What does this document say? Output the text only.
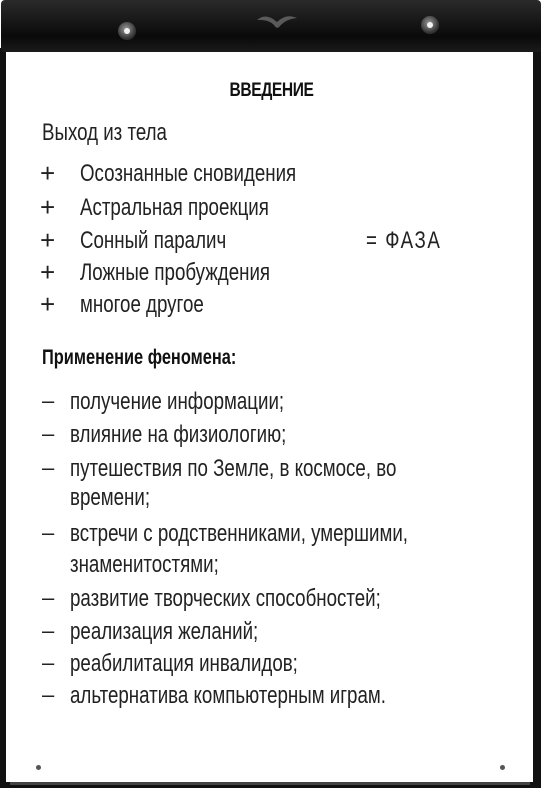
ВВЕДЕНИЕ
Выход из тела
+ Осознанные сновидения
+ Астральная проекция
+ Сонный паралич
+ Ложные пробуждения
+ многое другое
= ФАЗА
Применение феномена:
– получение информации;
– влияние на физиологию;
– путешествия по Земле, в космосе, во
времени;
– встречи с родственниками, умершими,
знаменитостями;
– развитие творческих способностей;
– реализация желаний;
– реабилитация инвалидов;
– альтернатива компьютерным играм.
